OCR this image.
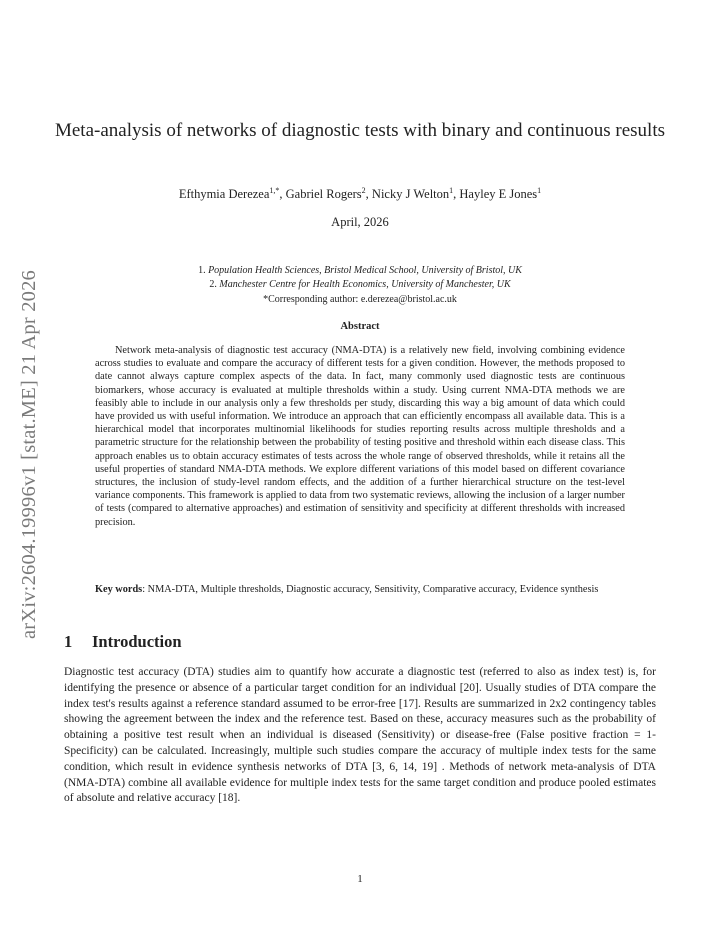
arXiv:2604.19996v1 [stat.ME] 21 Apr 2026
Meta-analysis of networks of diagnostic tests with binary and continuous results
Efthymia Derezea$^{1,*}$, Gabriel Rogers$^2$, Nicky J Welton$^1$, Hayley E Jones$^1$
April, 2026
1. Population Health Sciences, Bristol Medical School, University of Bristol, UK
2. Manchester Centre for Health Economics, University of Manchester, UK
*Corresponding author: e.derezea@bristol.ac.uk
Abstract
Network meta-analysis of diagnostic test accuracy (NMA-DTA) is a relatively new field, involving combining evidence across studies to evaluate and compare the accuracy of different tests for a given condition. However, the methods proposed to date cannot always capture complex aspects of the data. In fact, many commonly used diagnostic tests are continuous biomarkers, whose accuracy is evaluated at multiple thresholds within a study. Using current NMA-DTA methods we are feasibly able to include in our analysis only a few thresholds per study, discarding this way a big amount of data which could have provided us with useful information. We introduce an approach that can efficiently encompass all available data. This is a hierarchical model that incorporates multinomial likelihoods for studies reporting results across multiple thresholds and a parametric structure for the relationship between the probability of testing positive and threshold within each disease class. This approach enables us to obtain accuracy estimates of tests across the whole range of observed thresholds, while it retains all the useful properties of standard NMA-DTA methods. We explore different variations of this model based on different covariance structures, the inclusion of study-level random effects, and the addition of a further hierarchical structure on the test-level variance components. This framework is applied to data from two systematic reviews, allowing the inclusion of a larger number of tests (compared to alternative approaches) and estimation of sensitivity and specificity at different thresholds with increased precision.
Key words: NMA-DTA, Multiple thresholds, Diagnostic accuracy, Sensitivity, Comparative accuracy, Evidence synthesis
1 Introduction
Diagnostic test accuracy (DTA) studies aim to quantify how accurate a diagnostic test (referred to also as index test) is, for identifying the presence or absence of a particular target condition for an individual [20]. Usually studies of DTA compare the index test's results against a reference standard assumed to be error-free [17]. Results are summarized in 2x2 contingency tables showing the agreement between the index and the reference test. Based on these, accuracy measures such as the probability of obtaining a positive test result when an individual is diseased (Sensitivity) or disease-free (False positive fraction = 1-Specificity) can be calculated. Increasingly, multiple such studies compare the accuracy of multiple index tests for the same condition, which result in evidence synthesis networks of DTA [3, 6, 14, 19] . Methods of network meta-analysis of DTA (NMA-DTA) combine all available evidence for multiple index tests for the same target condition and produce pooled estimates of absolute and relative accuracy [18].
1
